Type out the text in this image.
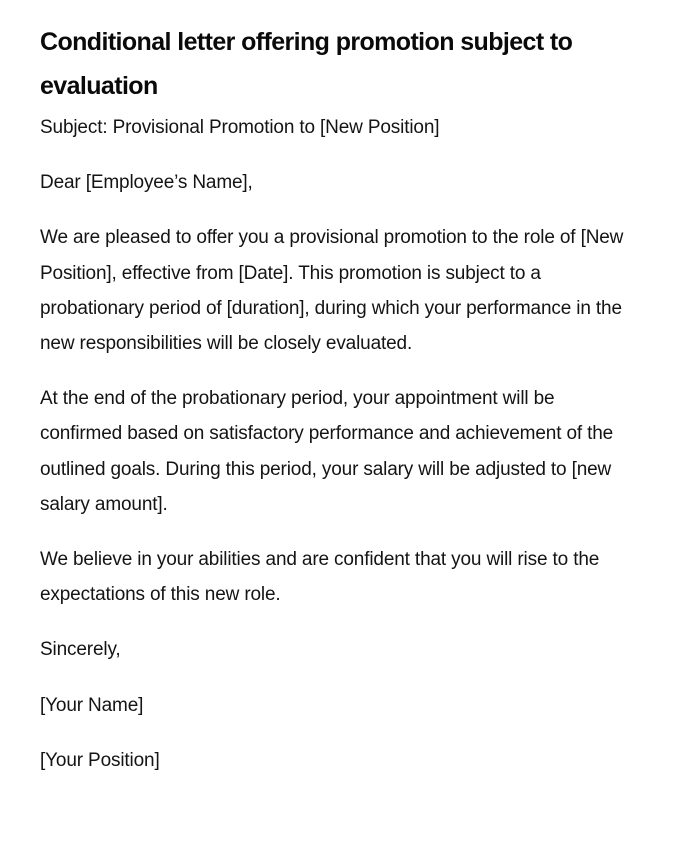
Conditional letter offering promotion subject to evaluation

Subject: Provisional Promotion to [New Position]

Dear [Employee’s Name],

We are pleased to offer you a provisional promotion to the role of [New Position], effective from [Date]. This promotion is subject to a probationary period of [duration], during which your performance in the new responsibilities will be closely evaluated.

At the end of the probationary period, your appointment will be confirmed based on satisfactory performance and achievement of the outlined goals. During this period, your salary will be adjusted to [new salary amount].

We believe in your abilities and are confident that you will rise to the expectations of this new role.

Sincerely,

[Your Name]

[Your Position]
